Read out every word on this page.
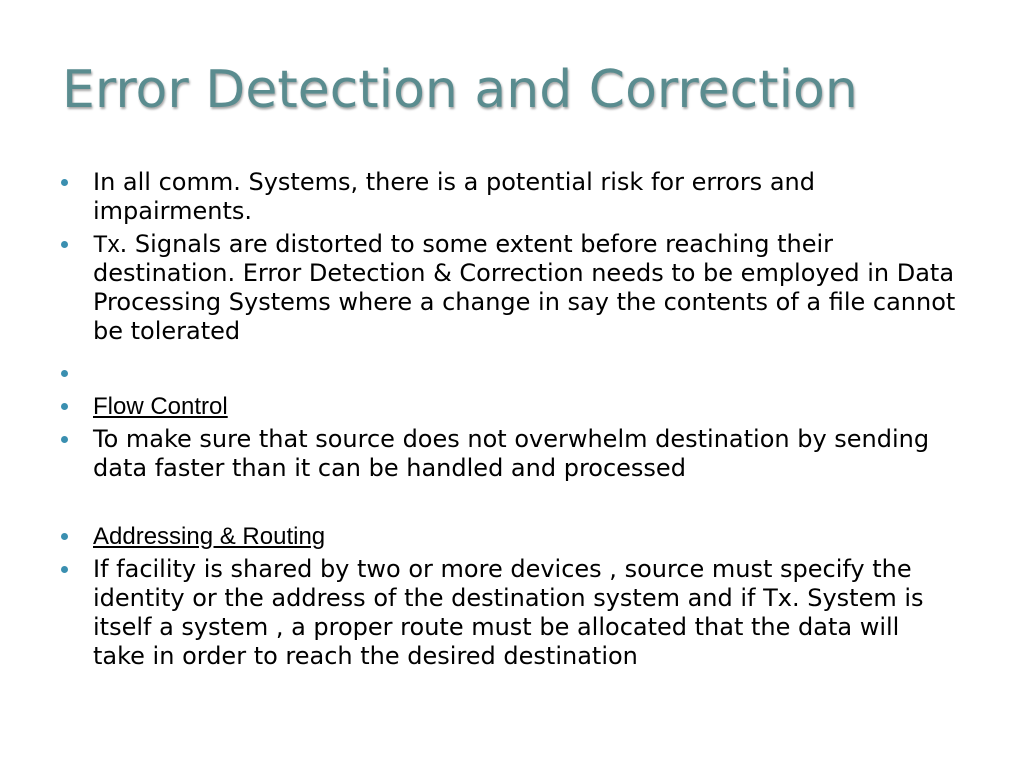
Error Detection and Correction
In all comm. Systems, there is a potential risk for errors and impairments.
Tx. Signals are distorted to some extent before reaching their destination. Error Detection & Correction needs to be employed in Data Processing Systems where a change in say the contents of a file cannot be tolerated

Flow Control
To make sure that source does not overwhelm destination by sending data faster than it can be handled and processed
Addressing & Routing
If facility is shared by two or more devices , source must specify the identity or the address of the destination system and if Tx. System is itself a system , a proper route must be allocated that the data will take in order to reach the desired destination
